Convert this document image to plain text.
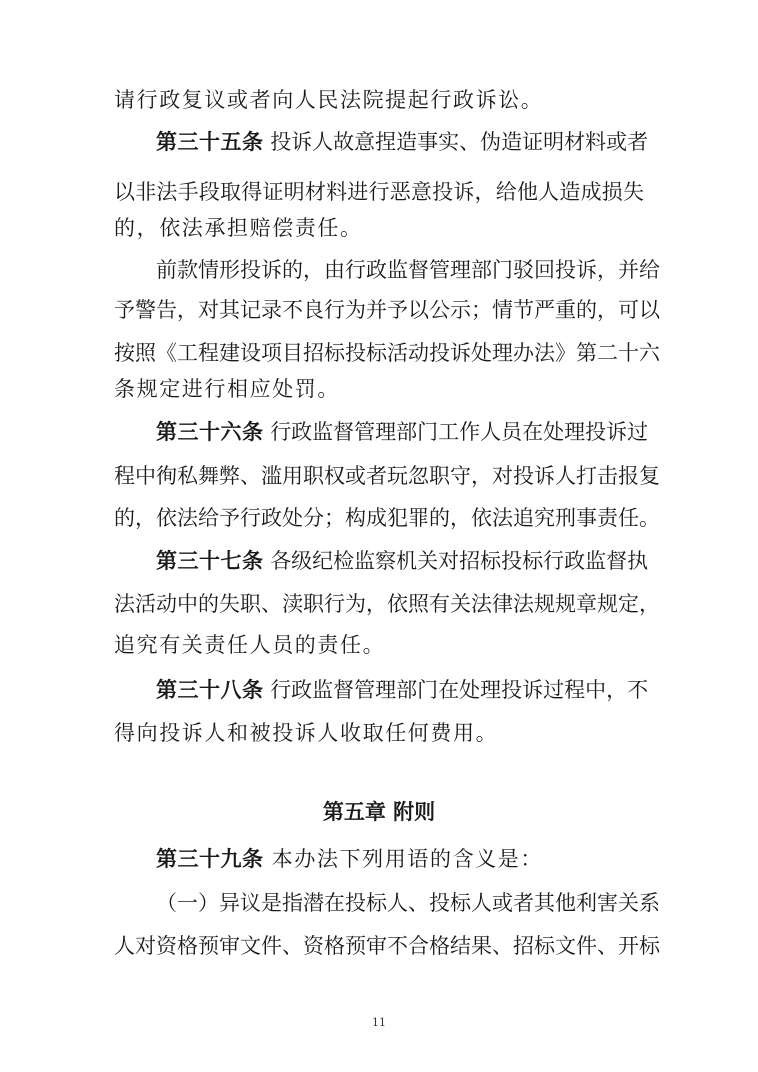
请行政复议或者向人民法院提起行政诉讼。
第三十五条 投诉人故意捏造事实、伪造证明材料或者
以非法手段取得证明材料进行恶意投诉，给他人造成损失
的，依法承担赔偿责任。
前款情形投诉的，由行政监督管理部门驳回投诉，并给
予警告，对其记录不良行为并予以公示；情节严重的，可以
按照《工程建设项目招标投标活动投诉处理办法》第二十六
条规定进行相应处罚。
第三十六条 行政监督管理部门工作人员在处理投诉过
程中徇私舞弊、滥用职权或者玩忽职守，对投诉人打击报复
的，依法给予行政处分；构成犯罪的，依法追究刑事责任。
第三十七条 各级纪检监察机关对招标投标行政监督执
法活动中的失职、渎职行为，依照有关法律法规规章规定，
追究有关责任人员的责任。
第三十八条 行政监督管理部门在处理投诉过程中，不
得向投诉人和被投诉人收取任何费用。
第五章 附则
第三十九条 本办法下列用语的含义是：
（一）异议是指潜在投标人、投标人或者其他利害关系
人对资格预审文件、资格预审不合格结果、招标文件、开标
11
